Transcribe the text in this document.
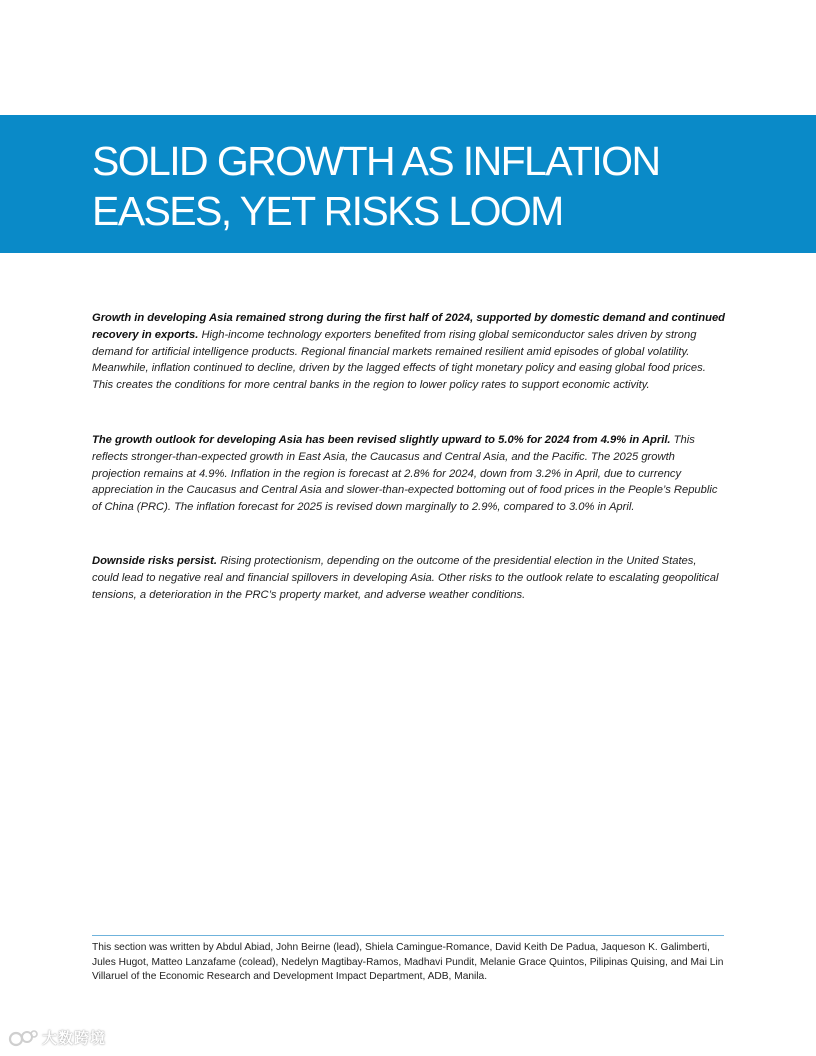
SOLID GROWTH AS INFLATION EASES, YET RISKS LOOM

Growth in developing Asia remained strong during the first half of 2024, supported by domestic demand and continued recovery in exports. High-income technology exporters benefited from rising global semiconductor sales driven by strong demand for artificial intelligence products. Regional financial markets remained resilient amid episodes of global volatility. Meanwhile, inflation continued to decline, driven by the lagged effects of tight monetary policy and easing global food prices. This creates the conditions for more central banks in the region to lower policy rates to support economic activity.

The growth outlook for developing Asia has been revised slightly upward to 5.0% for 2024 from 4.9% in April. This reflects stronger-than-expected growth in East Asia, the Caucasus and Central Asia, and the Pacific. The 2025 growth projection remains at 4.9%. Inflation in the region is forecast at 2.8% for 2024, down from 3.2% in April, due to currency appreciation in the Caucasus and Central Asia and slower-than-expected bottoming out of food prices in the People’s Republic of China (PRC). The inflation forecast for 2025 is revised down marginally to 2.9%, compared to 3.0% in April.

Downside risks persist. Rising protectionism, depending on the outcome of the presidential election in the United States, could lead to negative real and financial spillovers in developing Asia. Other risks to the outlook relate to escalating geopolitical tensions, a deterioration in the PRC’s property market, and adverse weather conditions.

This section was written by Abdul Abiad, John Beirne (lead), Shiela Camingue-Romance, David Keith De Padua, Jaqueson K. Galimberti, Jules Hugot, Matteo Lanzafame (colead), Nedelyn Magtibay-Ramos, Madhavi Pundit, Melanie Grace Quintos, Pilipinas Quising, and Mai Lin Villaruel of the Economic Research and Development Impact Department, ADB, Manila.

大数跨境
